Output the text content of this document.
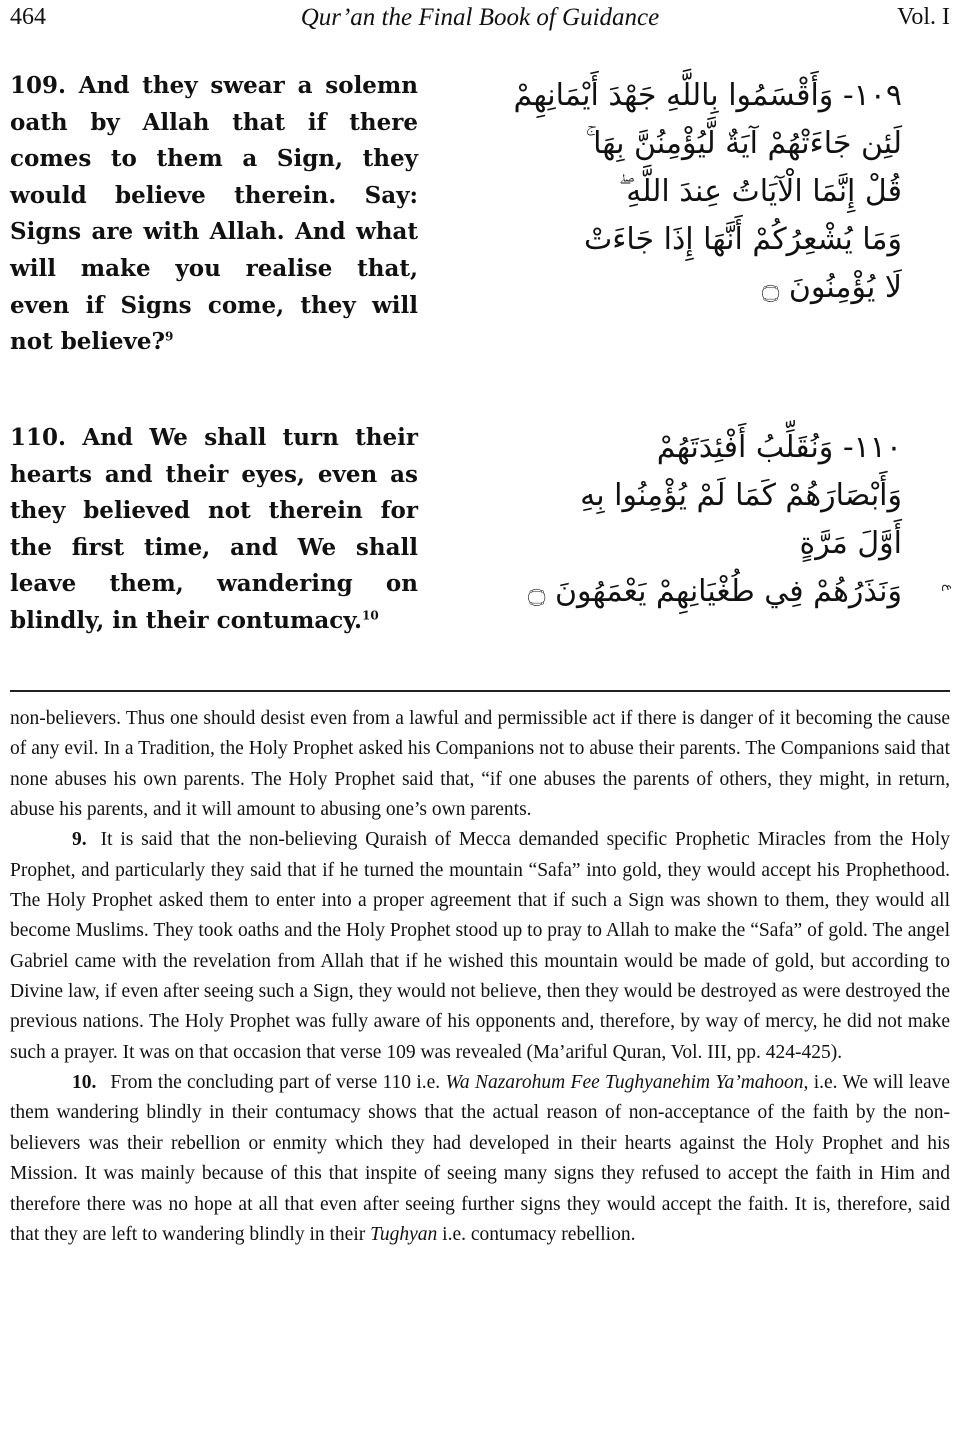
464	Qur’an the Final Book of Guidance	Vol. I
109. And they swear a solemn oath by Allah that if there comes to them a Sign, they would believe therein. Say: Signs are with Allah. And what will make you realise that, even if Signs come, they will not believe?$^9$
١٠٩- وَأَقْسَمُوا بِاللَّهِ جَهْدَ أَيْمَانِهِمْ
لَئِن جَاءَتْهُمْ آيَةٌ لَّيُؤْمِنُنَّ بِهَا ۚ
قُلْ إِنَّمَا الْآيَاتُ عِندَ اللَّهِ ۖ
وَمَا يُشْعِرُكُمْ أَنَّهَا إِذَا جَاءَتْ
لَا يُؤْمِنُونَ ۝
110. And We shall turn their hearts and their eyes, even as they believed not therein for the first time, and We shall leave them, wandering on blindly, in their contumacy.$^{10}$
١١٠- وَنُقَلِّبُ أَفْئِدَتَهُمْ
وَأَبْصَارَهُمْ كَمَا لَمْ يُؤْمِنُوا بِهِ
أَوَّلَ مَرَّةٍ
وَنَذَرُهُمْ فِي طُغْيَانِهِمْ يَعْمَهُونَ ۝	ع

non-believers. Thus one should desist even from a lawful and permissible act if there is danger of it becoming the cause of any evil. In a Tradition, the Holy Prophet asked his Companions not to abuse their parents. The Companions said that none abuses his own parents. The Holy Prophet said that, “if one abuses the parents of others, they might, in return, abuse his parents, and it will amount to abusing one’s own parents.

9. It is said that the non-believing Quraish of Mecca demanded specific Prophetic Miracles from the Holy Prophet, and particularly they said that if he turned the mountain “Safa” into gold, they would accept his Prophethood. The Holy Prophet asked them to enter into a proper agreement that if such a Sign was shown to them, they would all become Muslims. They took oaths and the Holy Prophet stood up to pray to Allah to make the “Safa” of gold. The angel Gabriel came with the revelation from Allah that if he wished this mountain would be made of gold, but according to Divine law, if even after seeing such a Sign, they would not believe, then they would be destroyed as were destroyed the previous nations. The Holy Prophet was fully aware of his opponents and, therefore, by way of mercy, he did not make such a prayer. It was on that occasion that verse 109 was revealed (Ma’ariful Quran, Vol. III, pp. 424-425).

10. From the concluding part of verse 110 i.e. Wa Nazarohum Fee Tughyanehim Ya’mahoon, i.e. We will leave them wandering blindly in their contumacy shows that the actual reason of non-acceptance of the faith by the non-believers was their rebellion or enmity which they had developed in their hearts against the Holy Prophet and his Mission. It was mainly because of this that inspite of seeing many signs they refused to accept the faith in Him and therefore there was no hope at all that even after seeing further signs they would accept the faith. It is, therefore, said that they are left to wandering blindly in their Tughyan i.e. contumacy rebellion.
